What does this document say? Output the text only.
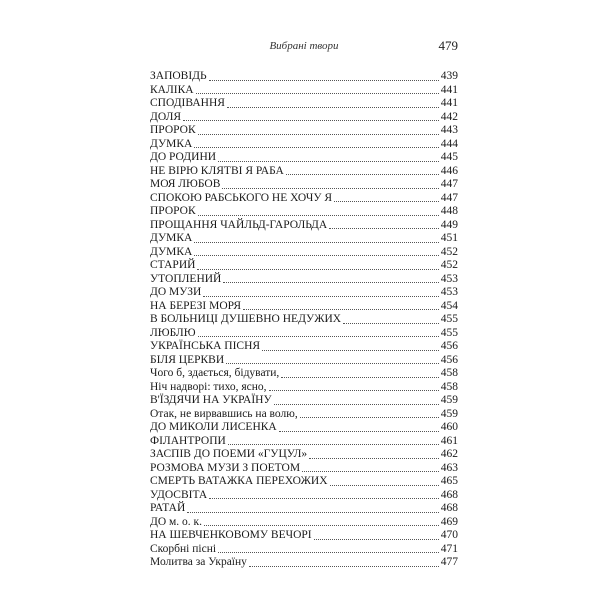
Вибрані твори	479
ЗАПОВІДЬ	439
КАЛІКА	441
СПОДІВАННЯ	441
ДОЛЯ	442
ПРОРОК	443
ДУМКА	444
ДО РОДИНИ	445
НЕ ВІРЮ КЛЯТВІ Я РАБА	446
МОЯ ЛЮБОВ	447
СПОКОЮ РАБСЬКОГО НЕ ХОЧУ Я	447
ПРОРОК	448
ПРОЩАННЯ ЧАЙЛЬД-ГАРОЛЬДА	449
ДУМКА	451
ДУМКА	452
СТАРИЙ	452
УТОПЛЕНИЙ	453
ДО МУЗИ	453
НА БЕРЕЗІ МОРЯ	454
В БОЛЬНИЦІ ДУШЕВНО НЕДУЖИХ	455
ЛЮБЛЮ	455
УКРАЇНСЬКА ПІСНЯ	456
БІЛЯ ЦЕРКВИ	456
Чого б, здається, бідувати,	458
Ніч надворі: тихо, ясно,	458
В'ЇЗДЯЧИ НА УКРАЇНУ	459
Отак, не вирвавшись на волю,	459
ДО МИКОЛИ ЛИСЕНКА	460
ФІЛАНТРОПИ	461
ЗАСПІВ ДО ПОЕМИ «ГУЦУЛ»	462
РОЗМОВА МУЗИ З ПОЕТОМ	463
СМЕРТЬ ВАТАЖКА ПЕРЕХОЖИХ	465
УДОСВІТА	468
РАТАЙ	468
ДО м. о. к.	469
НА ШЕВЧЕНКОВОМУ ВЕЧОРІ	470
Скорбні пісні	471
Молитва за Україну	477
